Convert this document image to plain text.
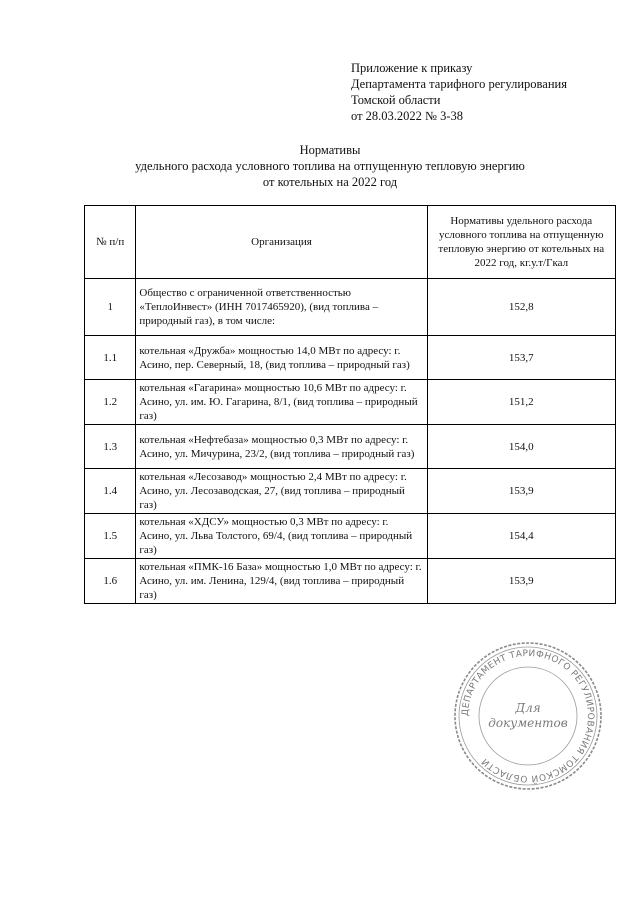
Приложение к приказу
Департамента тарифного регулирования
Томской области
от 28.03.2022 № 3-38
Нормативы
удельного расхода условного топлива на отпущенную тепловую энергию
от котельных на 2022 год
№ п/п	Организация	Нормативы удельного расхода условного топлива на отпущенную тепловую энергию от котельных на 2022 год, кг.у.т/Гкал
1	Общество с ограниченной ответственностью «ТеплоИнвест» (ИНН 7017465920), (вид топлива – природный газ), в том числе:	152,8
1.1	котельная «Дружба» мощностью 14,0 МВт по адресу: г. Асино, пер. Северный, 18, (вид топлива – природный газ)	153,7
1.2	котельная «Гагарина» мощностью 10,6 МВт по адресу: г. Асино, ул. им. Ю. Гагарина, 8/1, (вид топлива – природный газ)	151,2
1.3	котельная «Нефтебаза» мощностью 0,3 МВт по адресу: г. Асино, ул. Мичурина, 23/2, (вид топлива – природный газ)	154,0
1.4	котельная «Лесозавод» мощностью 2,4 МВт по адресу: г. Асино, ул. Лесозаводская, 27, (вид топлива – природный газ)	153,9
1.5	котельная «ХДСУ» мощностью 0,3 МВт по адресу: г. Асино, ул. Льва Толстого, 69/4, (вид топлива – природный газ)	154,4
1.6	котельная «ПМК-16 База» мощностью 1,0 МВт по адресу: г. Асино, ул. им. Ленина, 129/4, (вид топлива – природный газ)	153,9
ДЕПАРТАМЕНТ ТАРИФНОГО РЕГУЛИРОВАНИЯ ТОМСКОЙ ОБЛАСТИ
Для
документов
